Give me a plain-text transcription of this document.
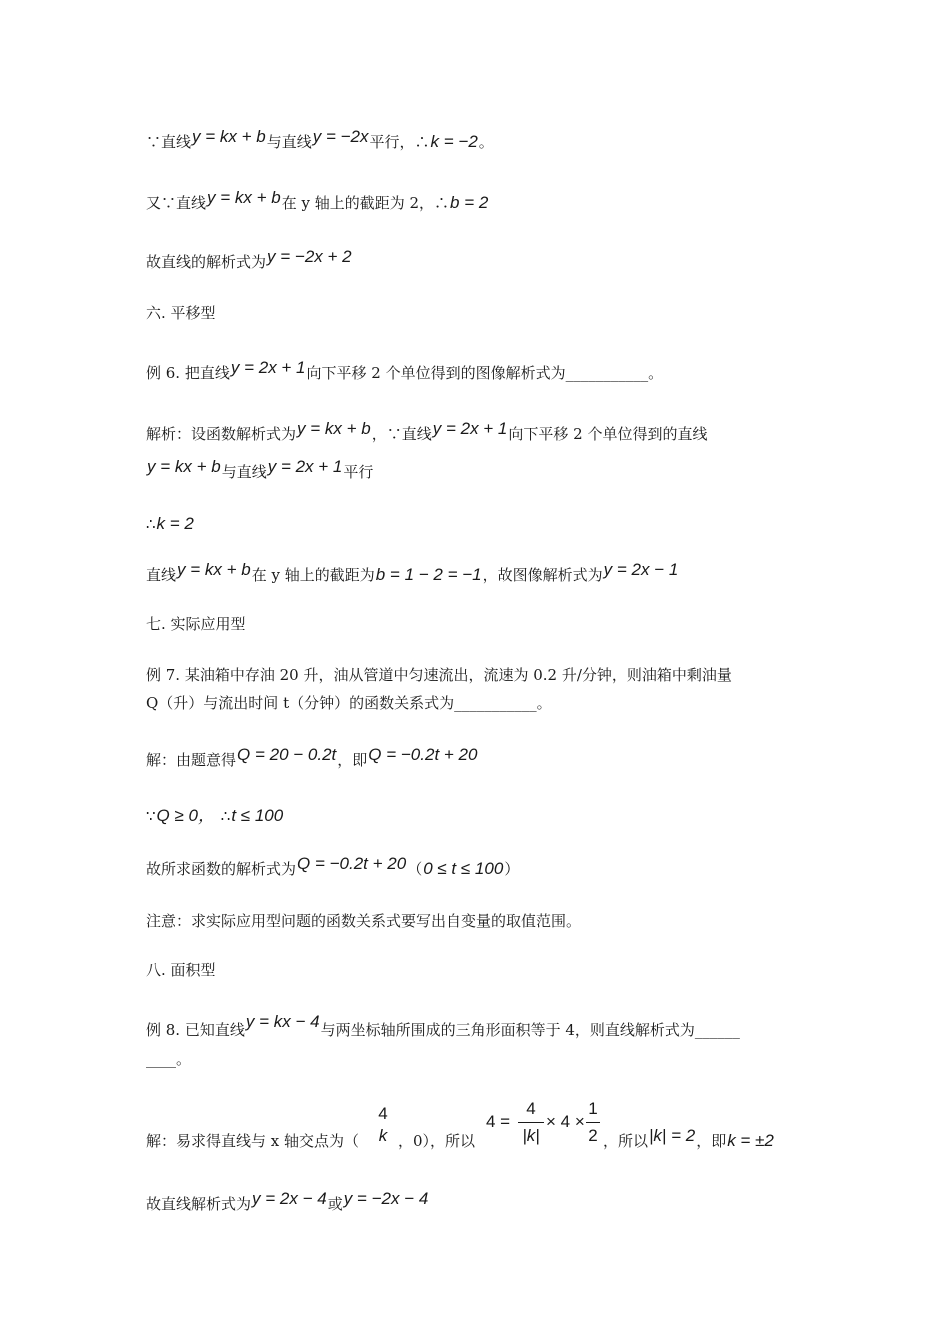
∵直线y = kx + b与直线y = −2x平行，∴k = −2。
又∵直线y = kx + b在 y 轴上的截距为 2，∴b = 2
故直线的解析式为y = −2x + 2
六. 平移型
例 6. 把直线y = 2x + 1向下平移 2 个单位得到的图像解析式为___________。
解析：设函数解析式为y = kx + b，∵直线y = 2x + 1向下平移 2 个单位得到的直线
y = kx + b与直线y = 2x + 1平行
∴k = 2
直线y = kx + b在 y 轴上的截距为b = 1 − 2 = −1，故图像解析式为y = 2x − 1
七. 实际应用型
例 7. 某油箱中存油 20 升，油从管道中匀速流出，流速为 0.2 升/分钟，则油箱中剩油量
Q（升）与流出时间 t（分钟）的函数关系式为___________。
解：由题意得Q = 20 − 0.2t，即Q = −0.2t + 20
∵Q ≥ 0， ∴t ≤ 100
故所求函数的解析式为Q = −0.2t + 20（0 ≤ t ≤ 100）
注意：求实际应用型问题的函数关系式要写出自变量的取值范围。
八. 面积型
例 8. 已知直线y = kx − 4与两坐标轴所围成的三角形面积等于 4，则直线解析式为______
____。
解：易求得直线与 x 轴交点为（
4
k ，0），所以
4 =
4
|k|
× 4 ×
1
2 ，所以|k| = 2，即k = ±2
故直线解析式为y = 2x − 4或y = −2x − 4
